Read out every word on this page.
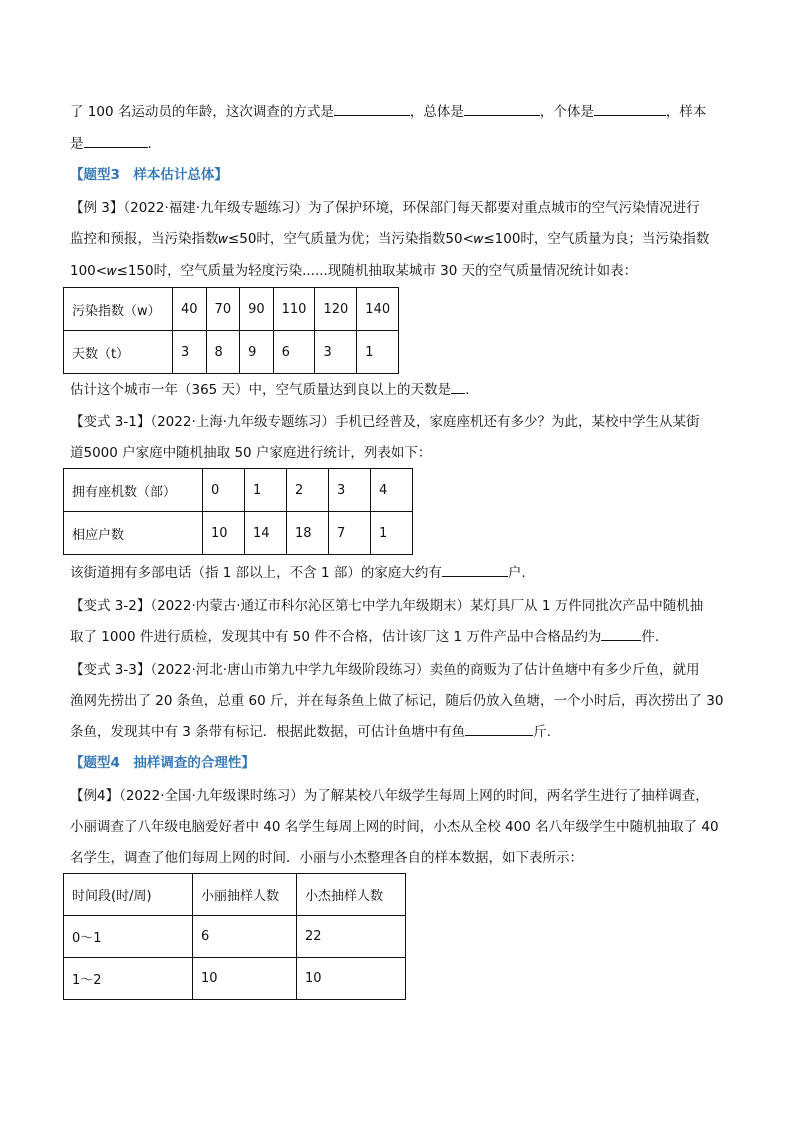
了 100 名运动员的年龄，这次调查的方式是	，总体是	，个体是	，样本
是	.
【题型3　样本估计总体】
【例 3】（2022·福建·九年级专题练习）为了保护环境，环保部门每天都要对重点城市的空气污染情况进行
监控和预报，当污染指数𝑤≤50时，空气质量为优；当污染指数50<𝑤≤100时，空气质量为良；当污染指数
100<𝑤≤150时，空气质量为轻度污染......现随机抽取某城市 30 天的空气质量情况统计如表：
污染指数（w）	40	70	90	110	120	140
天数（t）	3	8	9	6	3	1
估计这个城市一年（365 天）中，空气质量达到良以上的天数是 .
【变式 3-1】（2022·上海·九年级专题练习）手机已经普及，家庭座机还有多少？为此，某校中学生从某街
道5000 户家庭中随机抽取 50 户家庭进行统计，列表如下：
拥有座机数（部）	0	1	2	3	4
相应户数	10	14	18	7	1
该街道拥有多部电话（指 1 部以上，不含 1 部）的家庭大约有	户.
【变式 3-2】（2022·内蒙古·通辽市科尔沁区第七中学九年级期末）某灯具厂从 1 万件同批次产品中随机抽
取了 1000 件进行质检，发现其中有 50 件不合格，估计该厂这 1 万件产品中合格品约为	件.
【变式 3-3】（2022·河北·唐山市第九中学九年级阶段练习）卖鱼的商贩为了估计鱼塘中有多少斤鱼，就用
渔网先捞出了 20 条鱼，总重 60 斤，并在每条鱼上做了标记，随后仍放入鱼塘，一个小时后，再次捞出了 30
条鱼，发现其中有 3 条带有标记．根据此数据，可估计鱼塘中有鱼	斤.
【题型4　抽样调查的合理性】
【例4】（2022·全国·九年级课时练习）为了解某校八年级学生每周上网的时间，两名学生进行了抽样调查，
小丽调查了八年级电脑爱好者中 40 名学生每周上网的时间，小杰从全校 400 名八年级学生中随机抽取了 40
名学生，调查了他们每周上网的时间．小丽与小杰整理各自的样本数据，如下表所示：
时间段(时/周)	小丽抽样人数	小杰抽样人数
0～1	6	22
1～2	10	10
